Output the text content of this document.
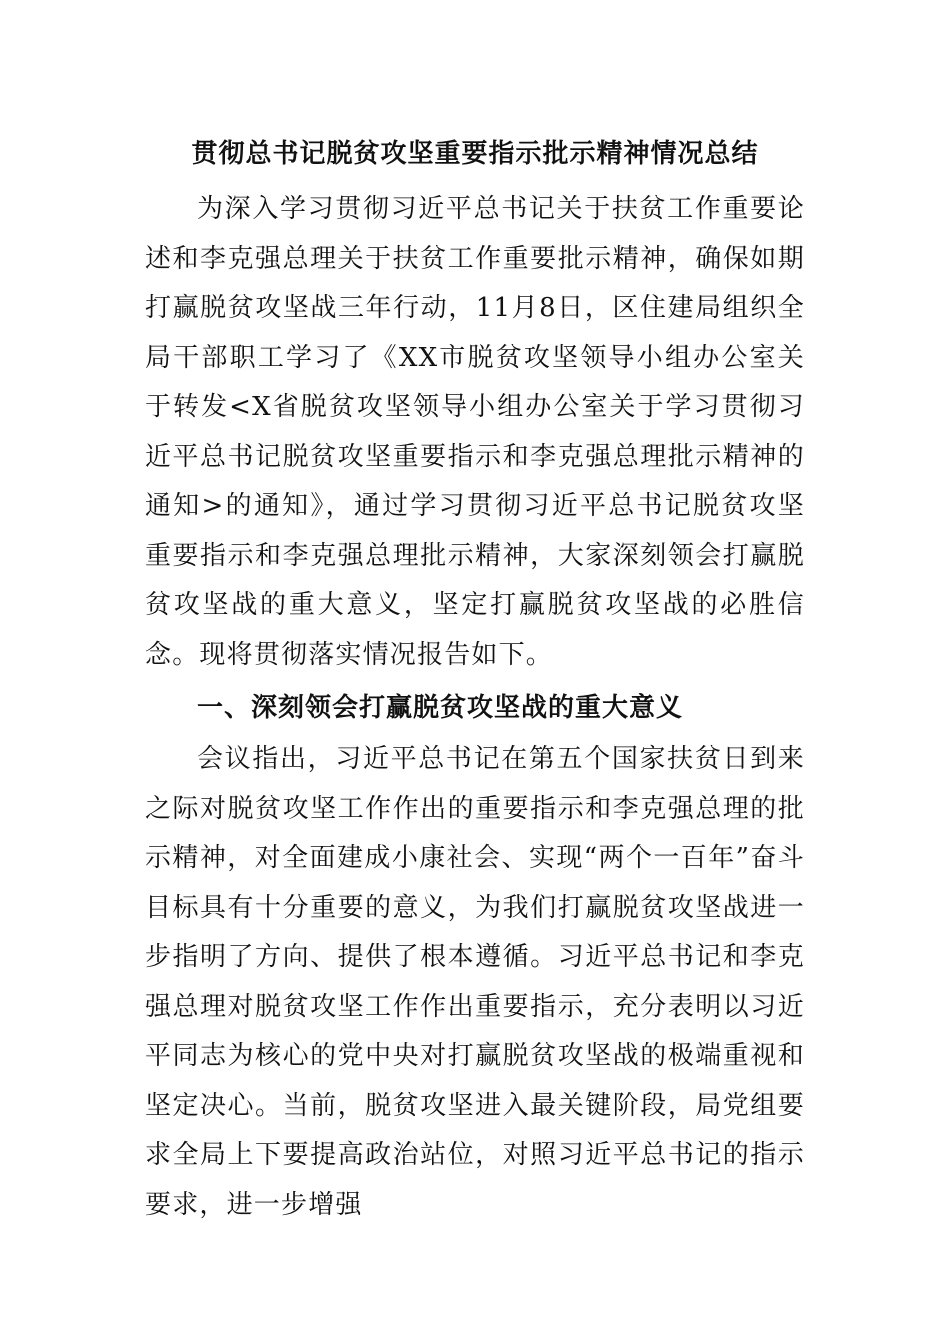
贯彻总书记脱贫攻坚重要指示批示精神情况总结

为深入学习贯彻习近平总书记关于扶贫工作重要论述和李克强总理关于扶贫工作重要批示精神，确保如期打赢脱贫攻坚战三年行动，11月8日，区住建局组织全局干部职工学习了《XX市脱贫攻坚领导小组办公室关于转发<X省脱贫攻坚领导小组办公室关于学习贯彻习近平总书记脱贫攻坚重要指示和李克强总理批示精神的通知>的通知》，通过学习贯彻习近平总书记脱贫攻坚重要指示和李克强总理批示精神，大家深刻领会打赢脱贫攻坚战的重大意义，坚定打赢脱贫攻坚战的必胜信念。现将贯彻落实情况报告如下。

一、深刻领会打赢脱贫攻坚战的重大意义

会议指出，习近平总书记在第五个国家扶贫日到来之际对脱贫攻坚工作作出的重要指示和李克强总理的批示精神，对全面建成小康社会、实现“两个一百年”奋斗目标具有十分重要的意义，为我们打赢脱贫攻坚战进一步指明了方向、提供了根本遵循。习近平总书记和李克强总理对脱贫攻坚工作作出重要指示，充分表明以习近平同志为核心的党中央对打赢脱贫攻坚战的极端重视和坚定决心。当前，脱贫攻坚进入最关键阶段，局党组要求全局上下要提高政治站位，对照习近平总书记的指示要求，进一步增强
